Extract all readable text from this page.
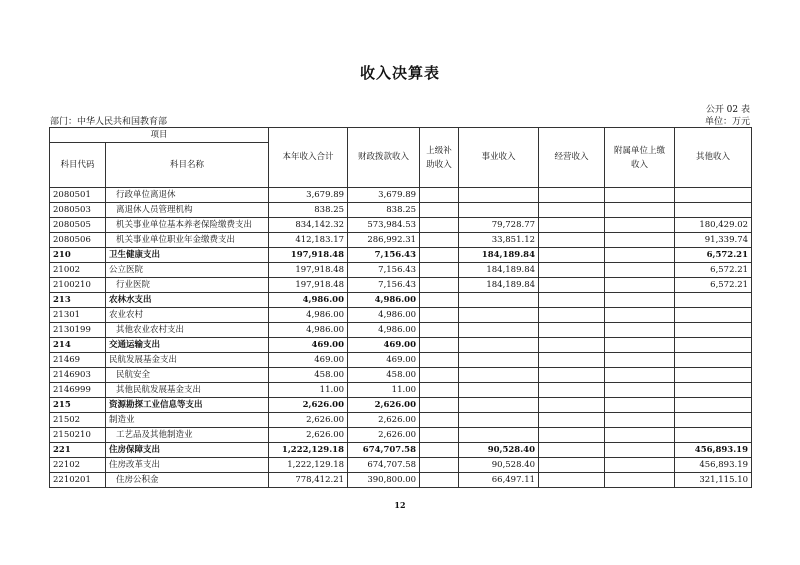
收入决算表
公开 02 表
部门：中华人民共和国教育部	单位：万元
项目		本年收入合计	财政拨款收入	上级补助收入	事业收入	经营收入	附属单位上缴收入	其他收入
科目代码	科目名称							
2080501	行政单位离退休	3,679.89	3,679.89					
2080503	离退休人员管理机构	838.25	838.25					
2080505	机关事业单位基本养老保险缴费支出	834,142.32	573,984.53		79,728.77			180,429.02
2080506	机关事业单位职业年金缴费支出	412,183.17	286,992.31		33,851.12			91,339.74
210	卫生健康支出	197,918.48	7,156.43		184,189.84			6,572.21
21002	公立医院	197,918.48	7,156.43		184,189.84			6,572.21
2100210	行业医院	197,918.48	7,156.43		184,189.84			6,572.21
213	农林水支出	4,986.00	4,986.00					
21301	农业农村	4,986.00	4,986.00					
2130199	其他农业农村支出	4,986.00	4,986.00					
214	交通运输支出	469.00	469.00					
21469	民航发展基金支出	469.00	469.00					
2146903	民航安全	458.00	458.00					
2146999	其他民航发展基金支出	11.00	11.00					
215	资源勘探工业信息等支出	2,626.00	2,626.00					
21502	制造业	2,626.00	2,626.00					
2150210	工艺品及其他制造业	2,626.00	2,626.00					
221	住房保障支出	1,222,129.18	674,707.58		90,528.40			456,893.19
22102	住房改革支出	1,222,129.18	674,707.58		90,528.40			456,893.19
2210201	住房公积金	778,412.21	390,800.00		66,497.11			321,115.10
12
